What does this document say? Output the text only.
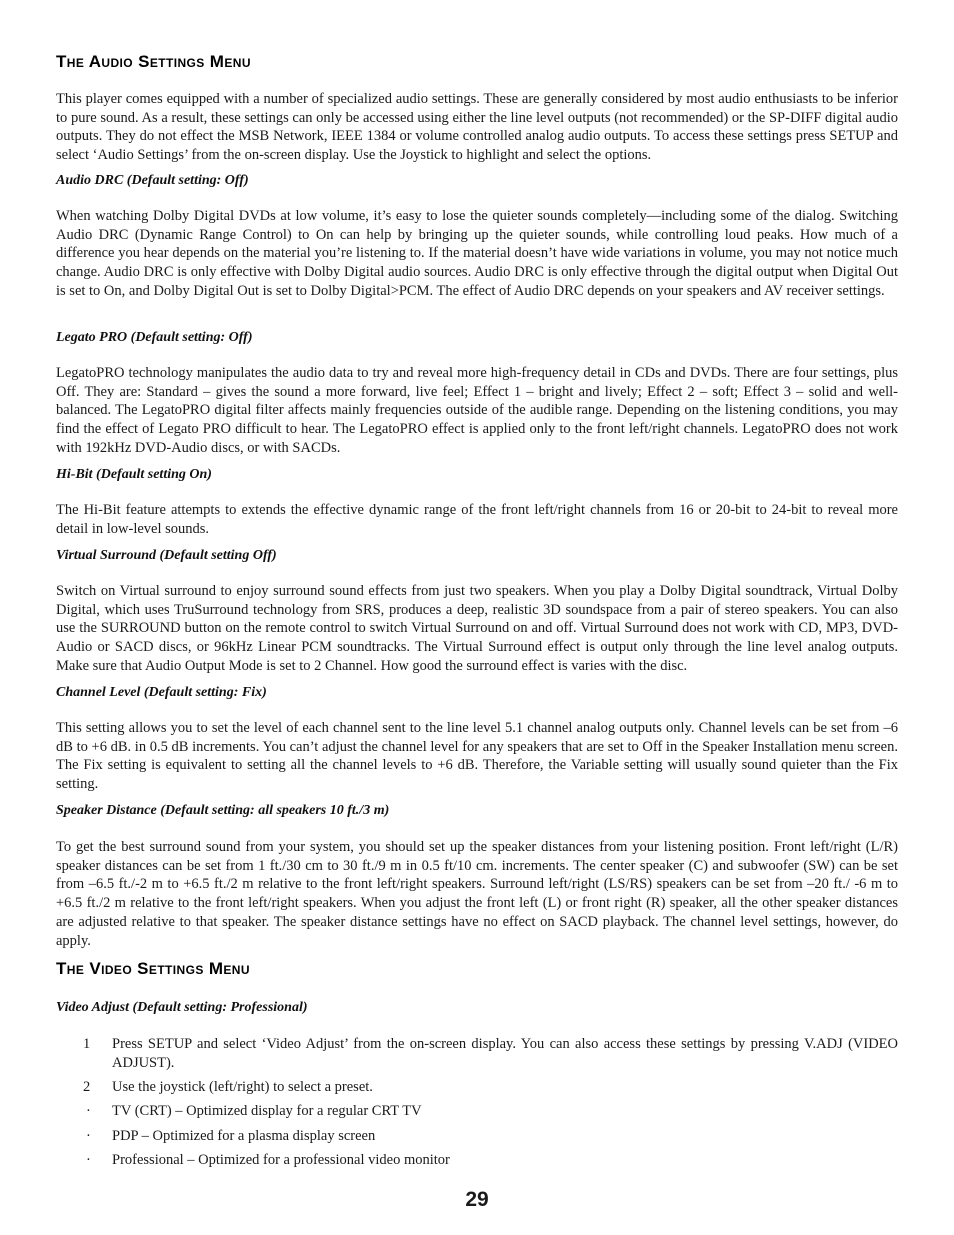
The Audio Settings Menu

This player comes equipped with a number of specialized audio settings. These are generally considered by most audio enthusiasts to be inferior to pure sound. As a result, these settings can only be accessed using either the line level outputs (not recommended) or the SP-DIFF digital audio outputs. They do not effect the MSB Network, IEEE 1384 or volume controlled analog audio outputs. To access these settings press SETUP and select ‘Audio Settings’ from the on-screen display. Use the Joystick to highlight and select the options.

Audio DRC (Default setting: Off)

When watching Dolby Digital DVDs at low volume, it’s easy to lose the quieter sounds completely—including some of the dialog. Switching Audio DRC (Dynamic Range Control) to On can help by bringing up the quieter sounds, while controlling loud peaks. How much of a difference you hear depends on the material you’re listening to. If the material doesn’t have wide variations in volume, you may not notice much change. Audio DRC is only effective with Dolby Digital audio sources. Audio DRC is only effective through the digital output when Digital Out is set to On, and Dolby Digital Out is set to Dolby Digital>PCM. The effect of Audio DRC depends on your speakers and AV receiver settings.

Legato PRO (Default setting: Off)

LegatoPRO technology manipulates the audio data to try and reveal more high-frequency detail in CDs and DVDs. There are four settings, plus Off. They are: Standard – gives the sound a more forward, live feel; Effect 1 – bright and lively; Effect 2 – soft; Effect 3 – solid and well-balanced. The LegatoPRO digital filter affects mainly frequencies outside of the audible range. Depending on the listening conditions, you may find the effect of Legato PRO difficult to hear. The LegatoPRO effect is applied only to the front left/right channels. LegatoPRO does not work with 192kHz DVD-Audio discs, or with SACDs.

Hi-Bit (Default setting On)

The Hi-Bit feature attempts to extends the effective dynamic range of the front left/right channels from 16 or 20-bit to 24-bit to reveal more detail in low-level sounds.

Virtual Surround (Default setting Off)

Switch on Virtual surround to enjoy surround sound effects from just two speakers. When you play a Dolby Digital soundtrack, Virtual Dolby Digital, which uses TruSurround technology from SRS, produces a deep, realistic 3D soundspace from a pair of stereo speakers. You can also use the SURROUND button on the remote control to switch Virtual Surround on and off. Virtual Surround does not work with CD, MP3, DVD-Audio or SACD discs, or 96kHz Linear PCM soundtracks. The Virtual Surround effect is output only through the line level analog outputs. Make sure that Audio Output Mode is set to 2 Channel. How good the surround effect is varies with the disc.

Channel Level (Default setting: Fix)

This setting allows you to set the level of each channel sent to the line level 5.1 channel analog outputs only. Channel levels can be set from –6 dB to +6 dB. in 0.5 dB increments. You can’t adjust the channel level for any speakers that are set to Off in the Speaker Installation menu screen. The Fix setting is equivalent to setting all the channel levels to +6 dB. Therefore, the Variable setting will usually sound quieter than the Fix setting.

Speaker Distance (Default setting: all speakers 10 ft./3 m)

To get the best surround sound from your system, you should set up the speaker distances from your listening position. Front left/right (L/R) speaker distances can be set from 1 ft./30 cm to 30 ft./9 m in 0.5 ft/10 cm. increments. The center speaker (C) and subwoofer (SW) can be set from –6.5 ft./-2 m to +6.5 ft./2 m relative to the front left/right speakers. Surround left/right (LS/RS) speakers can be set from –20 ft./ -6 m to +6.5 ft./2 m relative to the front left/right speakers. When you adjust the front left (L) or front right (R) speaker, all the other speaker distances are adjusted relative to that speaker. The speaker distance settings have no effect on SACD playback. The channel level settings, however, do apply.

The Video Settings Menu

Video Adjust (Default setting: Professional)

1 Press SETUP and select ‘Video Adjust’ from the on-screen display. You can also access these settings by pressing V.ADJ (VIDEO ADJUST).
2 Use the joystick (left/right) to select a preset.
· TV (CRT) – Optimized display for a regular CRT TV
· PDP – Optimized for a plasma display screen
· Professional – Optimized for a professional video monitor

29
